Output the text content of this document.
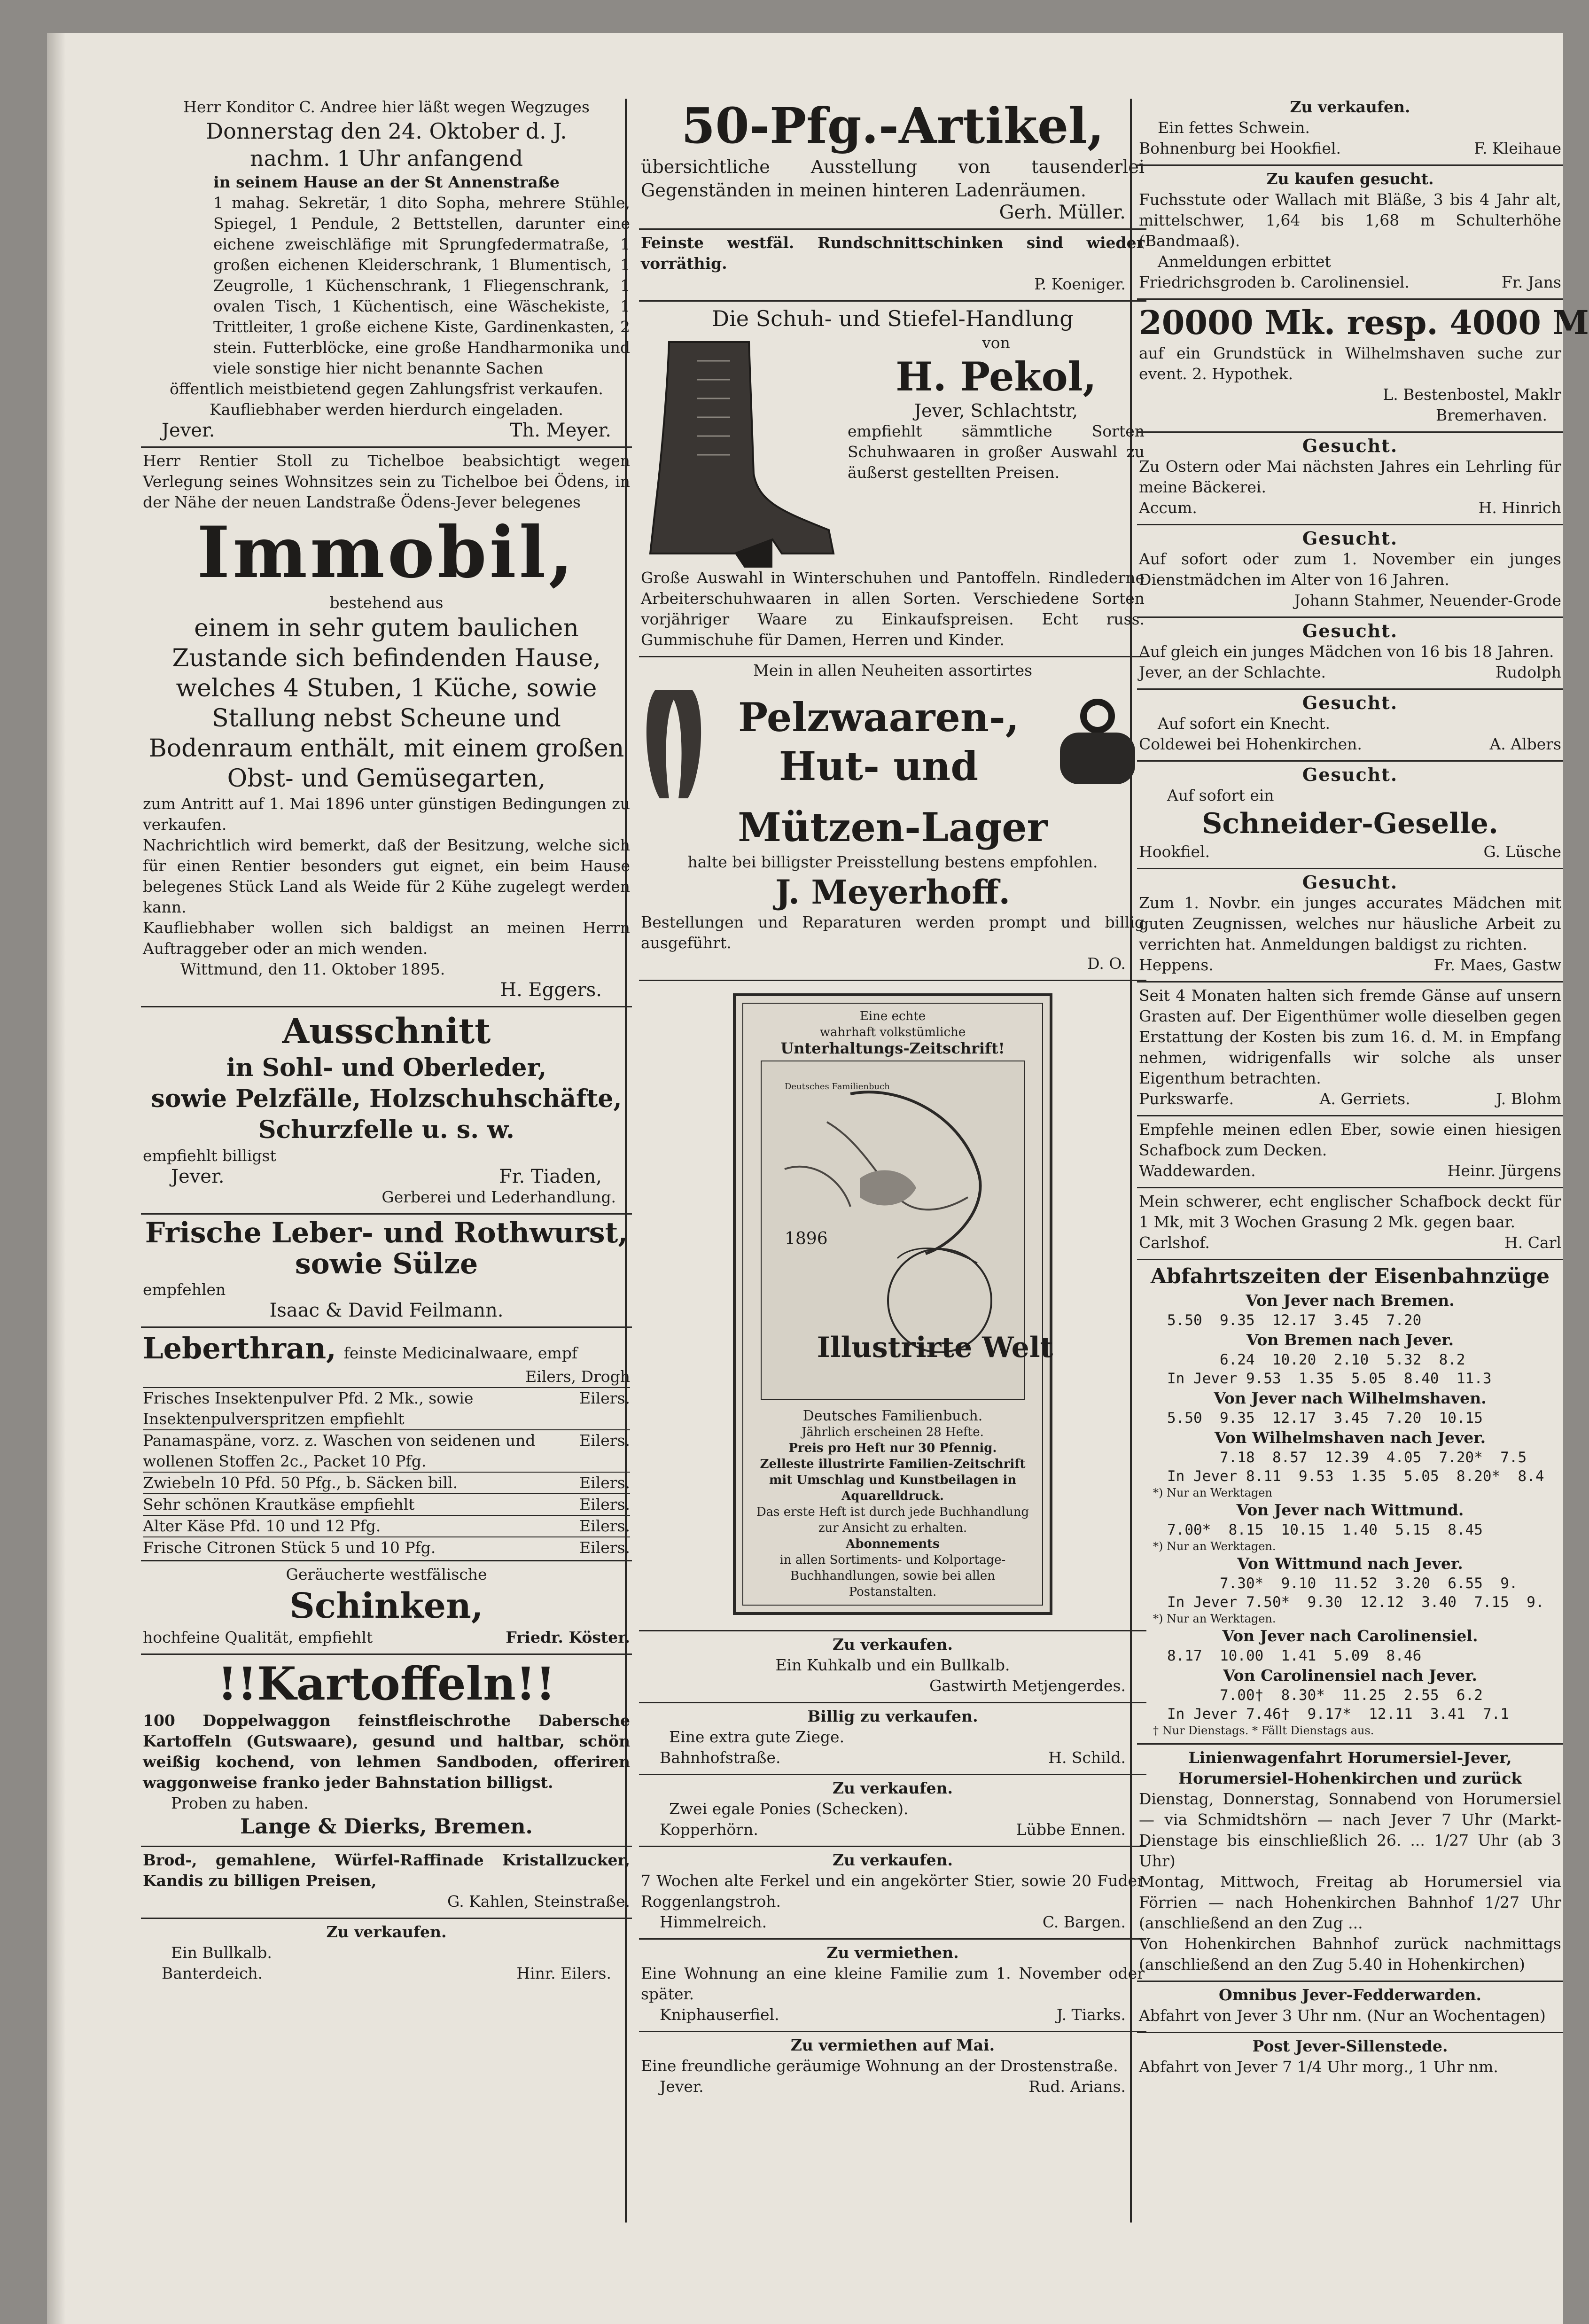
Herr Konditor C. Andree hier läßt wegen Wegzuges

Donnerstag den 24. Oktober d. J.

nachm. 1 Uhr anfangend

in seinem Hause an der St Annenstraße

1 mahag. Sekretär, 1 dito Sopha, mehrere Stühle, Spiegel, 1 Pendule, 2 Bettstellen, darunter eine eichene zweischläfige mit Sprungfedermatraße, 1 großen eichenen Kleiderschrank, 1 Blumentisch, 1 Zeugrolle, 1 Küchenschrank, 1 Fliegenschrank, 1 ovalen Tisch, 1 Küchentisch, eine Wäschekiste, 1 Trittleiter, 1 große eichene Kiste, Gardinenkasten, 2 stein. Futterblöcke, eine große Handharmonika und viele sonstige hier nicht benannte Sachen

öffentlich meistbietend gegen Zahlungsfrist verkaufen.

Kaufliebhaber werden hierdurch eingeladen.

Jever.	Th. Meyer.

Herr Rentier Stoll zu Tichelboe beabsichtigt wegen Verlegung seines Wohnsitzes sein zu Tichelboe bei Ödens, in der Nähe der neuen Landstraße Ödens-Jever belegenes

Immobil,

bestehend aus

einem in sehr gutem baulichen Zustande sich befindenden Hause, welches 4 Stuben, 1 Küche, sowie Stallung nebst Scheune und Bodenraum enthält, mit einem großen Obst- und Gemüsegarten,

zum Antritt auf 1. Mai 1896 unter günstigen Bedingungen zu verkaufen.

Nachrichtlich wird bemerkt, daß der Besitzung, welche sich für einen Rentier besonders gut eignet, ein beim Hause belegenes Stück Land als Weide für 2 Kühe zugelegt werden kann.

Kaufliebhaber wollen sich baldigst an meinen Herrn Auftraggeber oder an mich wenden.

Wittmund, den 11. Oktober 1895.

H. Eggers.

Ausschnitt
in Sohl- und Oberleder,
sowie Pelzfälle, Holzschuhschäfte,
Schurzfelle u. s. w.

empfiehlt billigst

Jever.	Fr. Tiaden,

Gerberei und Lederhandlung.

Frische Leber- und Rothwurst,
sowie Sülze

empfehlen

Isaac & David Feilmann.

Leberthran, feinste Medicinalwaare, empf

Eilers, Drogh

Frisches Insektenpulver Pfd. 2 Mk., sowie Insektenpulverspritzen empfiehlt
Eilers.
Panamaspäne, vorz. z. Waschen von seidenen und wollenen Stoffen 2c., Packet 10 Pfg.
Eilers.
Zwiebeln 10 Pfd. 50 Pfg., b. Säcken bill.	Eilers.
Sehr schönen Krautkäse empfiehlt	Eilers.
Alter Käse Pfd. 10 und 12 Pfg.	Eilers.
Frische Citronen Stück 5 und 10 Pfg.	Eilers.

Geräucherte westfälische

Schinken,
hochfeine Qualität, empfiehlt	Friedr. Köster.
!!Kartoffeln!!

100 Doppelwaggon feinstfleischrothe Dabersche Kartoffeln (Gutswaare), gesund und haltbar, schön weißig kochend, von lehmen Sandboden, offeriren waggonweise franko jeder Bahnstation billigst.

Proben zu haben.

Lange & Dierks, Bremen.

Brod-, gemahlene, Würfel-Raffinade Kristallzucker, Kandis zu billigen Preisen,

G. Kahlen, Steinstraße.

Zu verkaufen.

Ein Bullkalb.

Banterdeich.	Hinr. Eilers.
50-Pfg.-Artikel,

übersichtliche Ausstellung von tausenderlei Gegenständen in meinen hinteren Ladenräumen.

Gerh. Müller.

Feinste westfäl. Rundschnittschinken sind wieder vorräthig.

P. Koeniger.

Die Schuh- und Stiefel-Handlung

von

H. Pekol,

Jever, Schlachtstr,

empfiehlt sämmtliche Sorten Schuhwaaren in großer Auswahl zu äußerst gestellten Preisen.

Große Auswahl in Winterschuhen und Pantoffeln. Rindlederne Arbeiterschuhwaaren in allen Sorten. Verschiedene Sorten vorjähriger Waare zu Einkaufspreisen. Echt russ. Gummischuhe für Damen, Herren und Kinder.

Mein in allen Neuheiten assortirtes

Pelzwaaren-,
Hut- und
Mützen-Lager

halte bei billigster Preisstellung bestens empfohlen.

J. Meyerhoff.

Bestellungen und Reparaturen werden prompt und billig ausgeführt.

D. O.

Eine echte

wahrhaft volkstümliche

Unterhaltungs-Zeitschrift!

1896
Illustrirte Welt
Deutsches Familienbuch

Deutsches Familienbuch.

Jährlich erscheinen 28 Hefte.

Preis pro Heft nur 30 Pfennig.

Zelleste illustrirte Familien-Zeitschrift mit Umschlag und Kunstbeilagen in Aquarelldruck.

Das erste Heft ist durch jede Buchhandlung zur Ansicht zu erhalten.

Abonnements

in allen Sortiments- und Kolportage-Buchhandlungen, sowie bei allen Postanstalten.

Zu verkaufen.

Ein Kuhkalb und ein Bullkalb.

Gastwirth Metjengerdes.

Billig zu verkaufen.

Eine extra gute Ziege.

Bahnhofstraße.	H. Schild.

Zu verkaufen.

Zwei egale Ponies (Schecken).

Kopperhörn.	Lübbe Ennen.

Zu verkaufen.

7 Wochen alte Ferkel und ein angekörter Stier, sowie 20 Fuder Roggenlangstroh.

Himmelreich.	C. Bargen.

Zu vermiethen.

Eine Wohnung an eine kleine Familie zum 1. November oder später.

Kniphauserfiel.	J. Tiarks.

Zu vermiethen auf Mai.

Eine freundliche geräumige Wohnung an der Drostenstraße.

Jever.	Rud. Arians.

Zu verkaufen.

Ein fettes Schwein.

Bohnenburg bei Hookfiel.	F. Kleihaue

Zu kaufen gesucht.

Fuchsstute oder Wallach mit Bläße, 3 bis 4 Jahr alt, mittelschwer, 1,64 bis 1,68 m Schulterhöhe (Bandmaaß).

Anmeldungen erbittet

Friedrichsgroden b. Carolinensiel.	Fr. Jans
20000 Mk. resp. 4000 M

auf ein Grundstück in Wilhelmshaven suche zur event. 2. Hypothek.

L. Bestenbostel, Maklr

Bremerhaven.

Gesucht.

Zu Ostern oder Mai nächsten Jahres ein Lehrling für meine Bäckerei.

Accum.	H. Hinrich

Gesucht.

Auf sofort oder zum 1. November ein junges Dienstmädchen im Alter von 16 Jahren.

Johann Stahmer, Neuender-Grode

Gesucht.

Auf gleich ein junges Mädchen von 16 bis 18 Jahren.

Jever, an der Schlachte.	Rudolph

Gesucht.

Auf sofort ein Knecht.

Coldewei bei Hohenkirchen.	A. Albers

Gesucht.

Auf sofort ein

Schneider-Geselle.
Hookfiel.	G. Lüsche

Gesucht.

Zum 1. Novbr. ein junges accurates Mädchen mit guten Zeugnissen, welches nur häusliche Arbeit zu verrichten hat. Anmeldungen baldigst zu richten.

Heppens.	Fr. Maes, Gastw

Seit 4 Monaten halten sich fremde Gänse auf unsern Grasten auf. Der Eigenthümer wolle dieselben gegen Erstattung der Kosten bis zum 16. d. M. in Empfang nehmen, widrigenfalls wir solche als unser Eigenthum betrachten.

Purkswarfe.	A. Gerriets.	J. Blohm

Empfehle meinen edlen Eber, sowie einen hiesigen Schafbock zum Decken.

Waddewarden.	Heinr. Jürgens

Mein schwerer, echt englischer Schafbock deckt für 1 Mk, mit 3 Wochen Grasung 2 Mk. gegen baar.

Carlshof.	H. Carl

Abfahrtszeiten der Eisenbahnzüge

Von Jever nach Bremen.

5.50  9.35  12.17  3.45  7.20

Von Bremen nach Jever.

6.24  10.20  2.10  5.32  8.2
In Jever 9.53  1.35  5.05  8.40  11.3

Von Jever nach Wilhelmshaven.

5.50  9.35  12.17  3.45  7.20  10.15

Von Wilhelmshaven nach Jever.

7.18  8.57  12.39  4.05  7.20*  7.5
In Jever 8.11  9.53  1.35  5.05  8.20*  8.4
*) Nur an Werktagen

Von Jever nach Wittmund.

7.00*  8.15  10.15  1.40  5.15  8.45
*) Nur an Werktagen.

Von Wittmund nach Jever.

7.30*  9.10  11.52  3.20  6.55  9.
In Jever 7.50*  9.30  12.12  3.40  7.15  9.
*) Nur an Werktagen.

Von Jever nach Carolinensiel.

8.17  10.00  1.41  5.09  8.46

Von Carolinensiel nach Jever.

7.00†  8.30*  11.25  2.55  6.2
In Jever 7.46†  9.17*  12.11  3.41  7.1
† Nur Dienstags. * Fällt Dienstags aus.

Linienwagenfahrt Horumersiel-Jever, Horumersiel-Hohenkirchen und zurück

Dienstag, Donnerstag, Sonnabend von Horumersiel — via Schmidtshörn — nach Jever 7 Uhr (Markt-Dienstage bis einschließlich 26. ... 1/27 Uhr (ab 3 Uhr)

Montag, Mittwoch, Freitag ab Horumersiel via Förrien — nach Hohenkirchen Bahnhof 1/27 Uhr (anschließend an den Zug ...

Von Hohenkirchen Bahnhof zurück nachmittags (anschließend an den Zug 5.40 in Hohenkirchen)

Omnibus Jever-Fedderwarden.

Abfahrt von Jever 3 Uhr nm. (Nur an Wochentagen)

Post Jever-Sillenstede.

Abfahrt von Jever 7 1/4 Uhr morg., 1 Uhr nm.
